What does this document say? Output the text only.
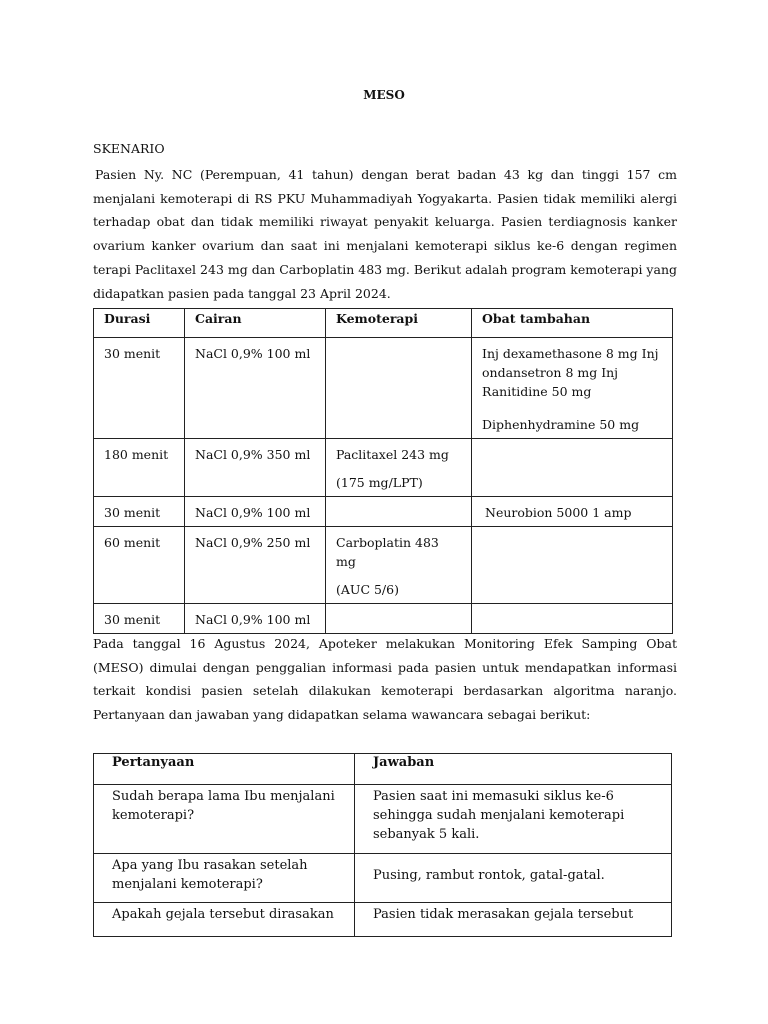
MESO
SKENARIO

Pasien Ny. NC (Perempuan, 41 tahun) dengan berat badan 43 kg dan tinggi 157 cm menjalani kemoterapi di RS PKU Muhammadiyah Yogyakarta. Pasien tidak memiliki alergi terhadap obat dan tidak memiliki riwayat penyakit keluarga. Pasien terdiagnosis kanker ovarium kanker ovarium dan saat ini menjalani kemoterapi siklus ke-6 dengan regimen terapi Paclitaxel 243 mg dan Carboplatin 483 mg. Berikut adalah program kemoterapi yang didapatkan pasien pada tanggal 23 April 2024.

Durasi	Cairan	Kemoterapi	Obat tambahan
30 menit	NaCl 0,9% 100 ml		Inj dexamethasone 8 mg Inj ondansetron 8 mg Inj Ranitidine 50 mg
Diphenhydramine 50 mg

180 menit	NaCl 0,9% 350 ml	Paclitaxel 243 mg
(175 mg/LPT)	

30 menit	NaCl 0,9% 100 ml		Neurobion 5000 1 amp
60 menit	NaCl 0,9% 250 ml	Carboplatin 483 mg
(AUC 5/6)	

30 menit	NaCl 0,9% 100 ml		

Pada tanggal 16 Agustus 2024, Apoteker melakukan Monitoring Efek Samping Obat (MESO) dimulai dengan penggalian informasi pada pasien untuk mendapatkan informasi terkait kondisi pasien setelah dilakukan kemoterapi berdasarkan algoritma naranjo. Pertanyaan dan jawaban yang didapatkan selama wawancara sebagai berikut:

Pertanyaan	Jawaban
Sudah berapa lama Ibu menjalani kemoterapi?	Pasien saat ini memasuki siklus ke-6 sehingga sudah menjalani kemoterapi sebanyak 5 kali.
Apa yang Ibu rasakan setelah menjalani kemoterapi?	Pusing, rambut rontok, gatal-gatal.
Apakah gejala tersebut dirasakan	Pasien tidak merasakan gejala tersebut
